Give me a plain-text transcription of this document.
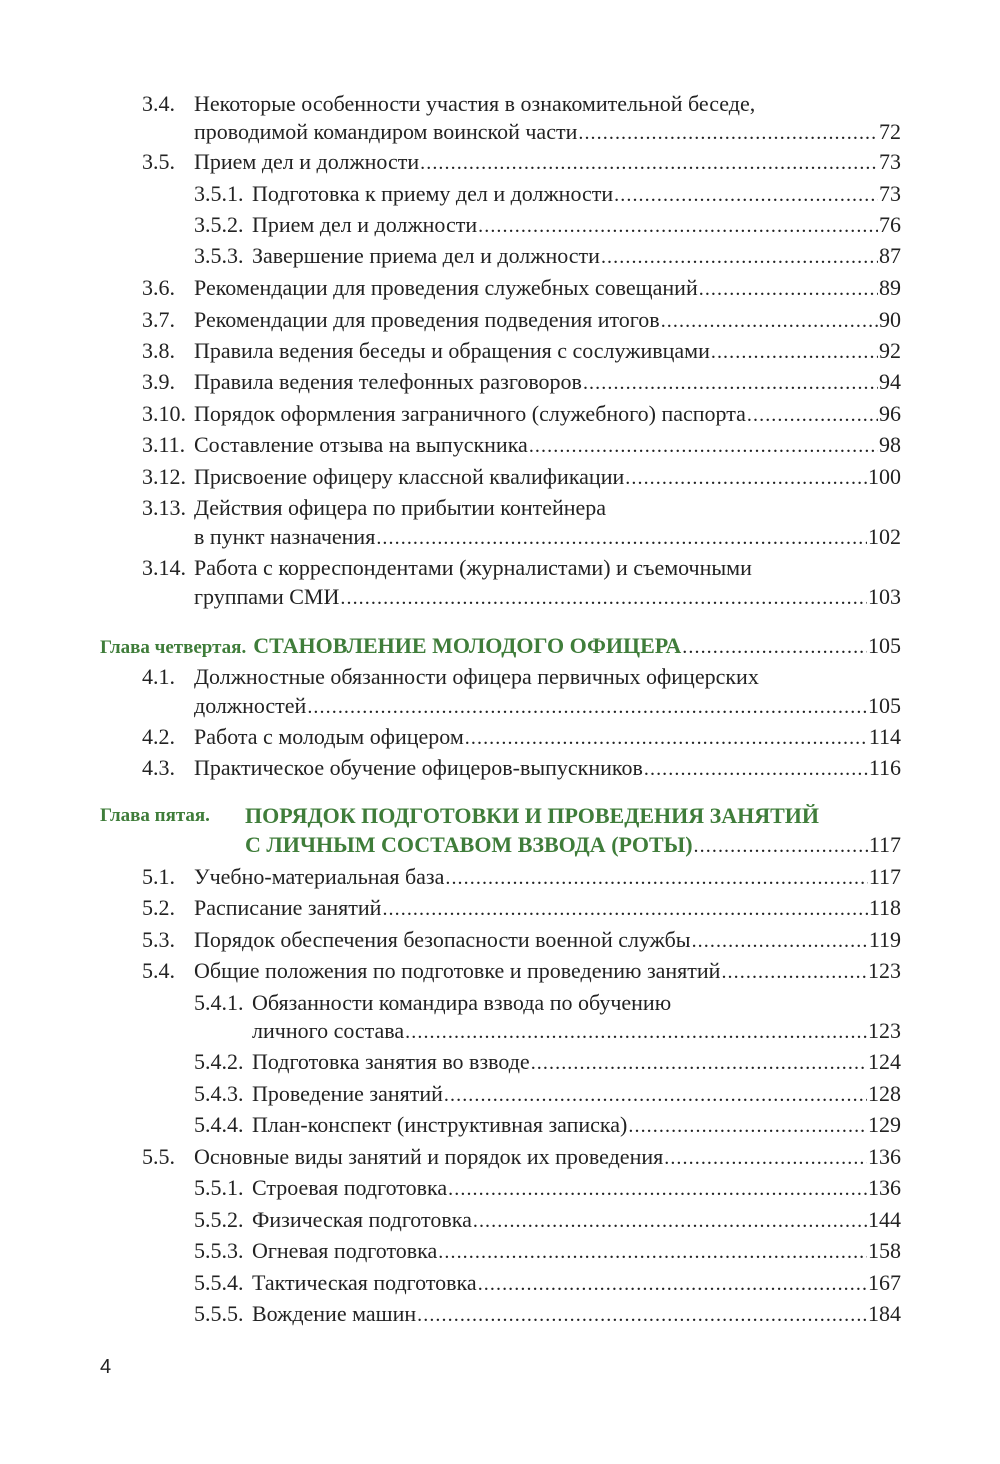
3.4. Некоторые особенности участия в ознакомительной беседе,
проводимой командиром воинской части .....	72
3.5. Прием дел и должности .....	73
3.5.1. Подготовка к приему дел и должности .....	73
3.5.2. Прием дел и должности .....	76
3.5.3. Завершение приема дел и должности .....	87
3.6. Рекомендации для проведения служебных совещаний .....	89
3.7. Рекомендации для проведения подведения итогов .....	90
3.8. Правила ведения беседы и обращения с сослуживцами .....	92
3.9. Правила ведения телефонных разговоров .....	94
3.10. Порядок оформления заграничного (служебного) паспорта .....	96
3.11. Составление отзыва на выпускника .....	98
3.12. Присвоение офицеру классной квалификации .....	100
3.13. Действия офицера по прибытии контейнера
в пункт назначения .....	102
3.14. Работа с корреспондентами (журналистами) и съемочными
группами СМИ .....	103
Глава четвертая. СТАНОВЛЕНИЕ МОЛОДОГО ОФИЦЕРА .....	105
4.1. Должностные обязанности офицера первичных офицерских
должностей .....	105
4.2. Работа с молодым офицером .....	114
4.3. Практическое обучение офицеров-выпускников .....	116
Глава пятая. ПОРЯДОК ПОДГОТОВКИ И ПРОВЕДЕНИЯ ЗАНЯТИЙ
С ЛИЧНЫМ СОСТАВОМ ВЗВОДА (РОТЫ) .....	117
5.1. Учебно-материальная база .....	117
5.2. Расписание занятий .....	118
5.3. Порядок обеспечения безопасности военной службы .....	119
5.4. Общие положения по подготовке и проведению занятий .....	123
5.4.1. Обязанности командира взвода по обучению
личного состава .....	123
5.4.2. Подготовка занятия во взводе .....	124
5.4.3. Проведение занятий .....	128
5.4.4. План-конспект (инструктивная записка) .....	129
5.5. Основные виды занятий и порядок их проведения .....	136
5.5.1. Строевая подготовка .....	136
5.5.2. Физическая подготовка .....	144
5.5.3. Огневая подготовка .....	158
5.5.4. Тактическая подготовка .....	167
5.5.5. Вождение машин .....	184
4
